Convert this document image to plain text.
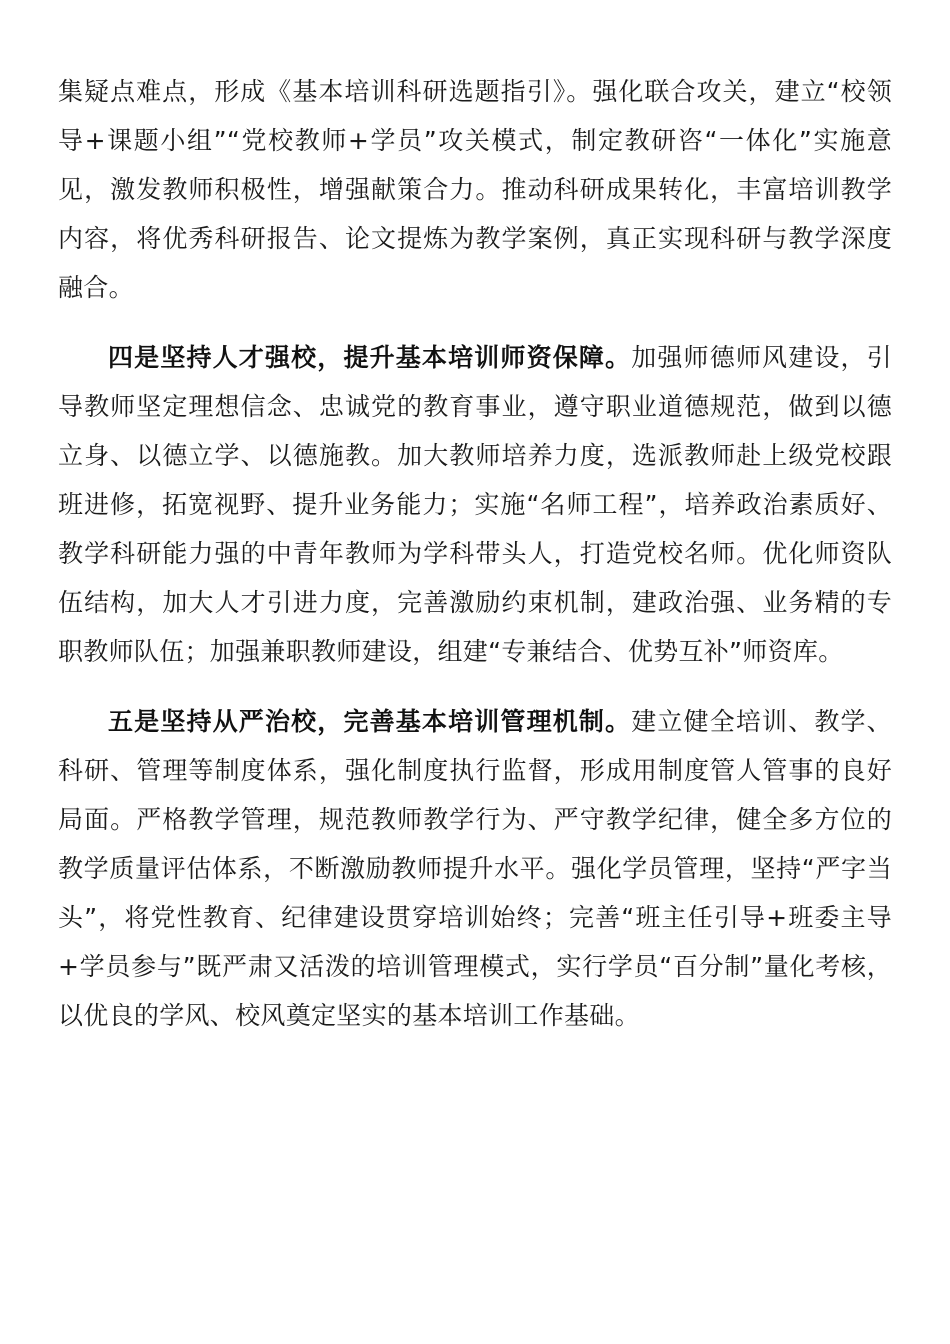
集疑点难点，形成《基本培训科研选题指引》。强化联合攻关，建立“校领导+课题小组”“党校教师+学员”攻关模式，制定教研咨“一体化”实施意见，激发教师积极性，增强献策合力。推动科研成果转化，丰富培训教学内容，将优秀科研报告、论文提炼为教学案例，真正实现科研与教学深度融合。

四是坚持人才强校，提升基本培训师资保障。加强师德师风建设，引导教师坚定理想信念、忠诚党的教育事业，遵守职业道德规范，做到以德立身、以德立学、以德施教。加大教师培养力度，选派教师赴上级党校跟班进修，拓宽视野、提升业务能力；实施“名师工程”，培养政治素质好、教学科研能力强的中青年教师为学科带头人，打造党校名师。优化师资队伍结构，加大人才引进力度，完善激励约束机制，建政治强、业务精的专职教师队伍；加强兼职教师建设，组建“专兼结合、优势互补”师资库。

五是坚持从严治校，完善基本培训管理机制。建立健全培训、教学、科研、管理等制度体系，强化制度执行监督，形成用制度管人管事的良好局面。严格教学管理，规范教师教学行为、严守教学纪律，健全多方位的教学质量评估体系，不断激励教师提升水平。强化学员管理，坚持“严字当头”，将党性教育、纪律建设贯穿培训始终；完善“班主任引导+班委主导+学员参与”既严肃又活泼的培训管理模式，实行学员“百分制”量化考核，以优良的学风、校风奠定坚实的基本培训工作基础。
